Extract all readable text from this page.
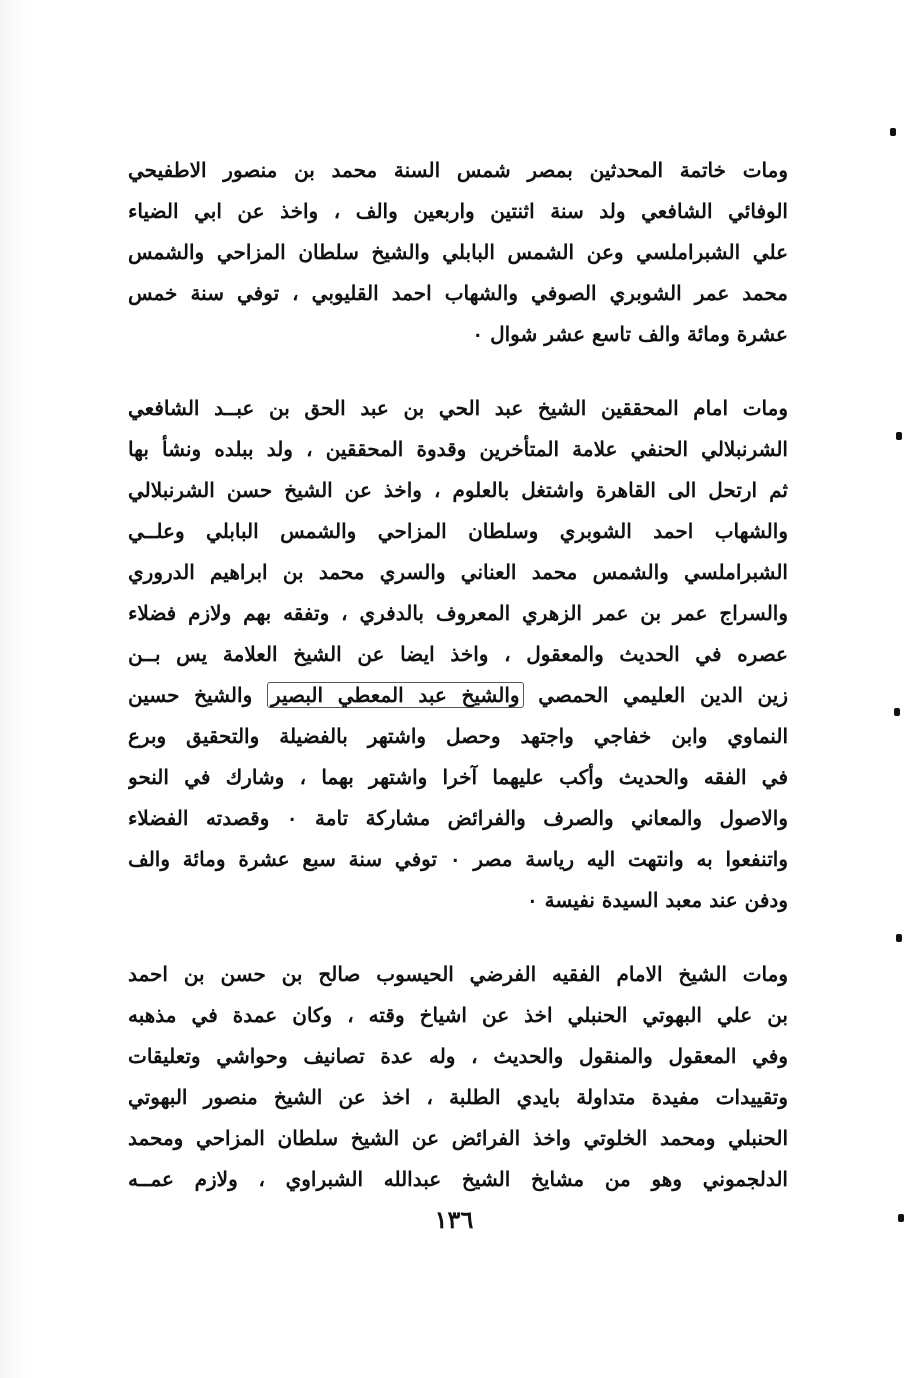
ومات خاتمة المحدثين بمصر شمس السنة محمد بن منصور الاطفيحي
الوفائي الشافعي ولد سنة اثنتين واربعين والف ، واخذ عن ابي الضياء
علي الشبراملسي وعن الشمس البابلي والشيخ سلطان المزاحي والشمس
محمد عمر الشوبري الصوفي والشهاب احمد القليوبي ، توفي سنة خمس
عشرة ومائة والف تاسع عشر شوال ٠
ومات امام المحققين الشيخ عبد الحي بن عبد الحق بن عبــد الشافعي
الشرنبلالي الحنفي علامة المتأخرين وقدوة المحققين ، ولد ببلده ونشأ بها
ثم ارتحل الى القاهرة واشتغل بالعلوم ، واخذ عن الشيخ حسن الشرنبلالي
والشهاب احمد الشوبري وسلطان المزاحي والشمس البابلي وعلــي
الشبراملسي والشمس محمد العناني والسري محمد بن ابراهيم الدروري
والسراج عمر بن عمر الزهري المعروف بالدفري ، وتفقه بهم ولازم فضلاء
عصره في الحديث والمعقول ، واخذ ايضا عن الشيخ العلامة يس بــن
زين الدين العليمي الحمصي والشيخ عبد المعطي البصير والشيخ حسين
النماوي وابن خفاجي واجتهد وحصل واشتهر بالفضيلة والتحقيق وبرع
في الفقه والحديث وأكب عليهما آخرا واشتهر بهما ، وشارك في النحو
والاصول والمعاني والصرف والفرائض مشاركة تامة ٠ وقصدته الفضلاء
واتنفعوا به وانتهت اليه رياسة مصر ٠ توفي سنة سبع عشرة ومائة والف
ودفن عند معبد السيدة نفيسة ٠
ومات الشيخ الامام الفقيه الفرضي الحيسوب صالح بن حسن بن احمد
بن علي البهوتي الحنبلي اخذ عن اشياخ وقته ، وكان عمدة في مذهبه
وفي المعقول والمنقول والحديث ، وله عدة تصانيف وحواشي وتعليقات
وتقييدات مفيدة متداولة بايدي الطلبة ، اخذ عن الشيخ منصور البهوتي
الحنبلي ومحمد الخلوتي واخذ الفرائض عن الشيخ سلطان المزاحي ومحمد
الدلجموني وهو من مشايخ الشيخ عبدالله الشبراوي ، ولازم عمــه
١٣٦
